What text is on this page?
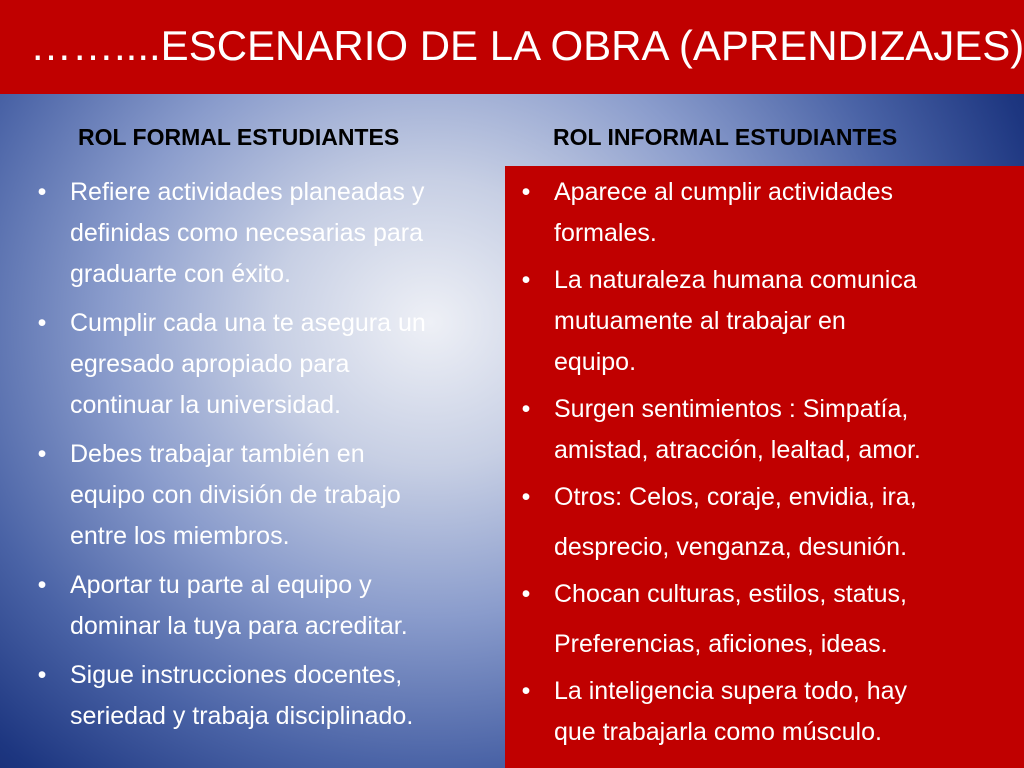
……....ESCENARIO DE LA OBRA (APRENDIZAJES)
ROL FORMAL ESTUDIANTES	ROL INFORMAL ESTUDIANTES
• Refiere actividades planeadas y
definidas como necesarias para
graduarte con éxito.
• Cumplir cada una te asegura un
egresado apropiado para
continuar la universidad.
• Debes trabajar también en
equipo con división de trabajo
entre los miembros.
• Aportar tu parte al equipo y
dominar la tuya para acreditar.
• Sigue instrucciones docentes,
seriedad y trabaja disciplinado.
• Aparece al cumplir actividades
formales.
• La naturaleza humana comunica
mutuamente al trabajar en
equipo.
• Surgen sentimientos : Simpatía,
amistad, atracción, lealtad, amor.
• Otros: Celos, coraje, envidia, ira,
desprecio, venganza, desunión.
• Chocan culturas, estilos, status,
Preferencias, aficiones, ideas.
• La inteligencia supera todo, hay
que trabajarla como músculo.
